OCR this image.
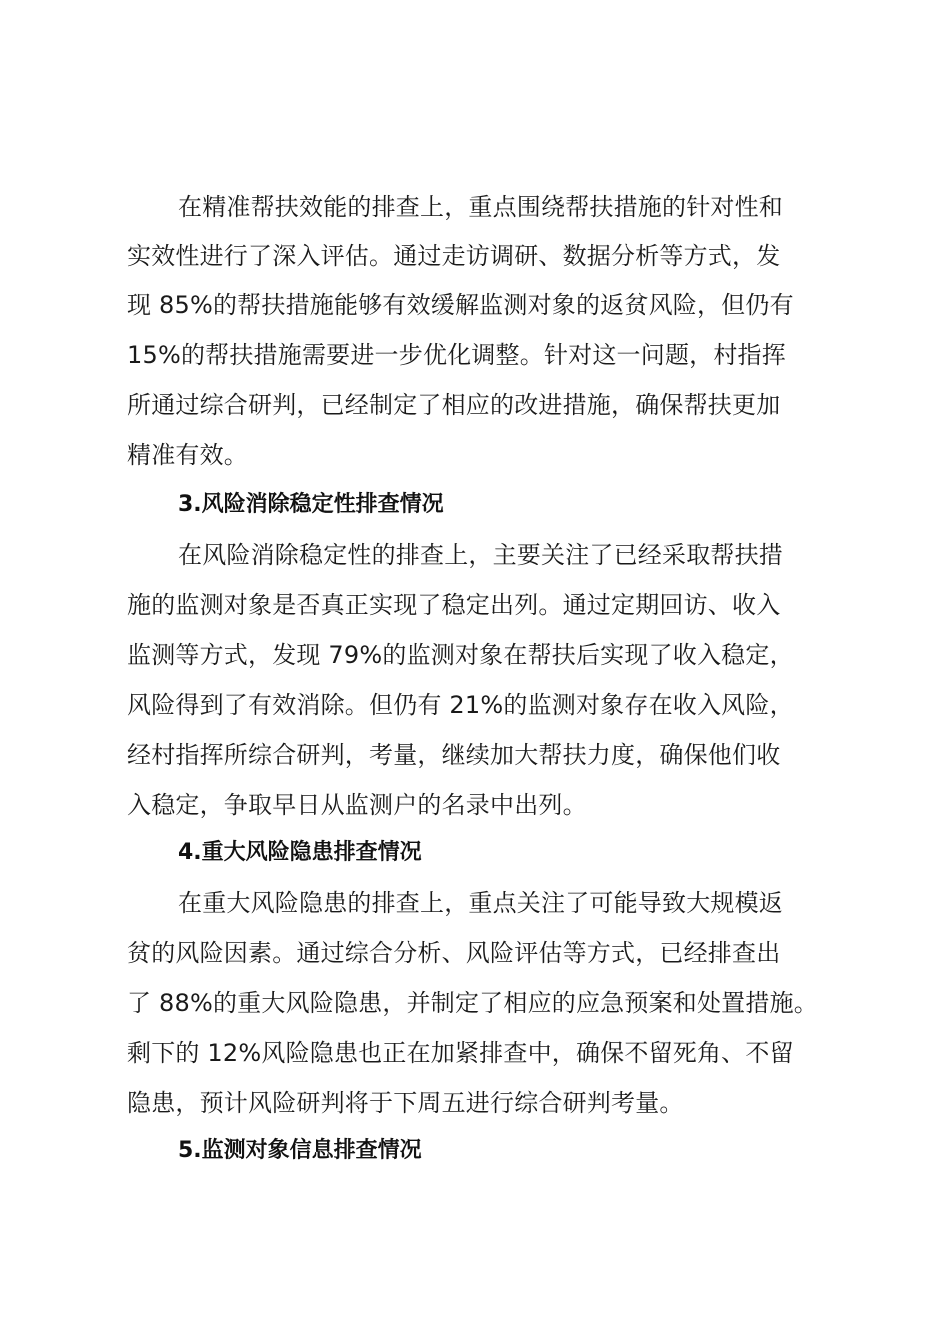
在精准帮扶效能的排查上，重点围绕帮扶措施的针对性和
实效性进行了深入评估。通过走访调研、数据分析等方式，发
现 85%的帮扶措施能够有效缓解监测对象的返贫风险，但仍有
15%的帮扶措施需要进一步优化调整。针对这一问题，村指挥
所通过综合研判，已经制定了相应的改进措施，确保帮扶更加
精准有效。
3.风险消除稳定性排查情况
在风险消除稳定性的排查上，主要关注了已经采取帮扶措
施的监测对象是否真正实现了稳定出列。通过定期回访、收入
监测等方式，发现 79%的监测对象在帮扶后实现了收入稳定，
风险得到了有效消除。但仍有 21%的监测对象存在收入风险，
经村指挥所综合研判，考量，继续加大帮扶力度，确保他们收
入稳定，争取早日从监测户的名录中出列。
4.重大风险隐患排查情况
在重大风险隐患的排查上，重点关注了可能导致大规模返
贫的风险因素。通过综合分析、风险评估等方式，已经排查出
了 88%的重大风险隐患，并制定了相应的应急预案和处置措施。
剩下的 12%风险隐患也正在加紧排查中，确保不留死角、不留
隐患，预计风险研判将于下周五进行综合研判考量。
5.监测对象信息排查情况
